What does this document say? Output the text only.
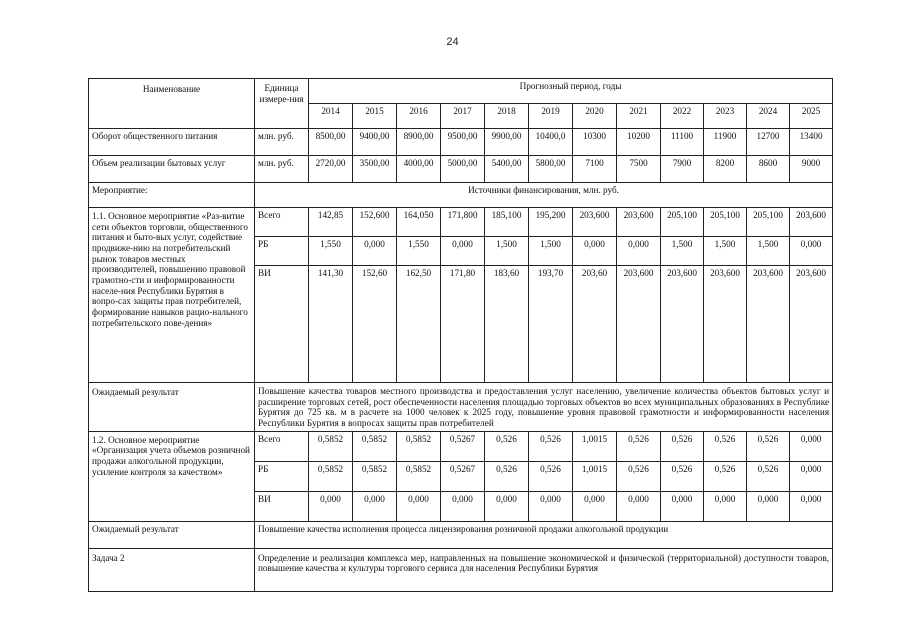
24
Наименование	Единица измере-ния	Прогнозный период, годы											
		2014	2015	2016	2017	2018	2019	2020	2021	2022	2023	2024	2025
Оборот общественного питания	млн. руб.	8500,00	9400,00	8900,00	9500,00	9900,00	10400,0	10300	10200	11100	11900	12700	13400
Объем реализации бытовых услуг	млн. руб.	2720,00	3500,00	4000,00	5000,00	5400,00	5800,00	7100	7500	7900	8200	8600	9000
Мероприятие:	Источники финансирования, млн. руб.												
1.1. Основное мероприятие «Раз-витие сети объектов торговли, общественного питания и быто-вых услуг, содействие продвиже-нию на потребительский рынок товаров местных производителей, повышению правовой грамотно-сти и информированности населе-ния Республики Бурятия в вопро-сах защиты прав потребителей, формирование навыков рацио-нального потребительского пове-дения»	Всего	142,85	152,600	164,050	171,800	185,100	195,200	203,600	203,600	205,100	205,100	205,100	203,600
	РБ	1,550	0,000	1,550	0,000	1,500	1,500	0,000	0,000	1,500	1,500	1,500	0,000
	ВИ	141,30	152,60	162,50	171,80	183,60	193,70	203,60	203,600	203,600	203,600	203,600	203,600
Ожидаемый результат	Повышение качества товаров местного производства и предоставления услуг населению, увеличение количества объектов бытовых услуг и расширение торговых сетей, рост обеспеченности населения площадью торговых объектов во всех муниципальных образованиях в Республике Бурятия до 725 кв. м в расчете на 1000 человек к 2025 году, повышение уровня правовой грамотности и информированности населения Республики Бурятия в вопросах защиты прав потребителей												
1.2. Основное мероприятие «Организация учета объемов розничной продажи алкогольной продукции, усиление контроля за качеством»	Всего	0,5852	0,5852	0,5852	0,5267	0,526	0,526	1,0015	0,526	0,526	0,526	0,526	0,000
	РБ	0,5852	0,5852	0,5852	0,5267	0,526	0,526	1,0015	0,526	0,526	0,526	0,526	0,000
	ВИ	0,000	0,000	0,000	0,000	0,000	0,000	0,000	0,000	0,000	0,000	0,000	0,000
Ожидаемый результат	Повышение качества исполнения процесса лицензирования розничной продажи алкогольной продукции												
Задача 2	Определение и реализация комплекса мер, направленных на повышение экономической и физической (территориальной) доступности товаров, повышение качества и культуры торгового сервиса для населения Республики Бурятия												
